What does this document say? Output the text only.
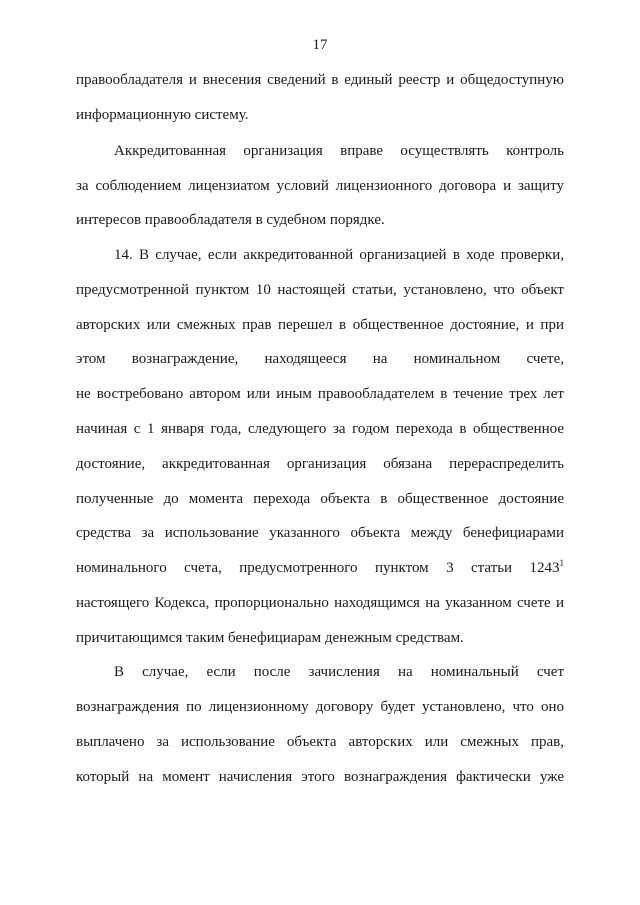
17
правообладателя и внесения сведений в единый реестр и общедоступную
информационную систему.
Аккредитованная организация вправе осуществлять контроль
за соблюдением лицензиатом условий лицензионного договора и защиту
интересов правообладателя в судебном порядке.
14. В случае, если аккредитованной организацией в ходе проверки,
предусмотренной пунктом 10 настоящей статьи, установлено, что объект
авторских или смежных прав перешел в общественное достояние, и при
этом вознаграждение, находящееся на номинальном счете,
не востребовано автором или иным правообладателем в течение трех лет
начиная с 1 января года, следующего за годом перехода в общественное
достояние, аккредитованная организация обязана перераспределить
полученные до момента перехода объекта в общественное достояние
средства за использование указанного объекта между бенефициарами
номинального счета, предусмотренного пунктом 3 статьи 1243$^1$
настоящего Кодекса, пропорционально находящимся на указанном счете и
причитающимся таким бенефициарам денежным средствам.
В случае, если после зачисления на номинальный счет
вознаграждения по лицензионному договору будет установлено, что оно
выплачено за использование объекта авторских или смежных прав,
который на момент начисления этого вознаграждения фактически уже
